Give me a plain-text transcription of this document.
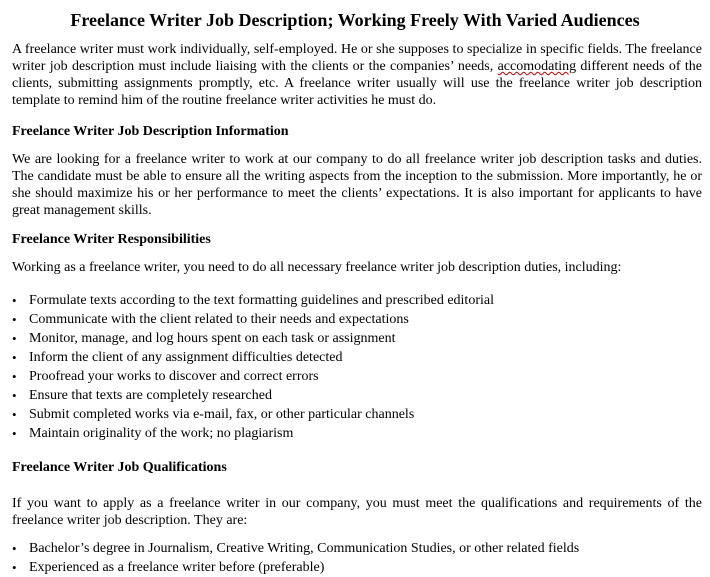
Freelance Writer Job Description; Working Freely With Varied Audiences

A freelance writer must work individually, self-employed. He or she supposes to specialize in specific fields. The freelance writer job description must include liaising with the clients or the companies’ needs, accomodating different needs of the clients, submitting assignments promptly, etc. A freelance writer usually will use the freelance writer job description template to remind him of the routine freelance writer activities he must do.

Freelance Writer Job Description Information

We are looking for a freelance writer to work at our company to do all freelance writer job description tasks and duties. The candidate must be able to ensure all the writing aspects from the inception to the submission. More importantly, he or she should maximize his or her performance to meet the clients’ expectations. It is also important for applicants to have great management skills.

Freelance Writer Responsibilities

Working as a freelance writer, you need to do all necessary freelance writer job description duties, including:

• Formulate texts according to the text formatting guidelines and prescribed editorial
• Communicate with the client related to their needs and expectations
• Monitor, manage, and log hours spent on each task or assignment
• Inform the client of any assignment difficulties detected
• Proofread your works to discover and correct errors
• Ensure that texts are completely researched
• Submit completed works via e-mail, fax, or other particular channels
• Maintain originality of the work; no plagiarism
Freelance Writer Job Qualifications

If you want to apply as a freelance writer in our company, you must meet the qualifications and requirements of the freelance writer job description. They are:

• Bachelor’s degree in Journalism, Creative Writing, Communication Studies, or other related fields
• Experienced as a freelance writer before (preferable)
